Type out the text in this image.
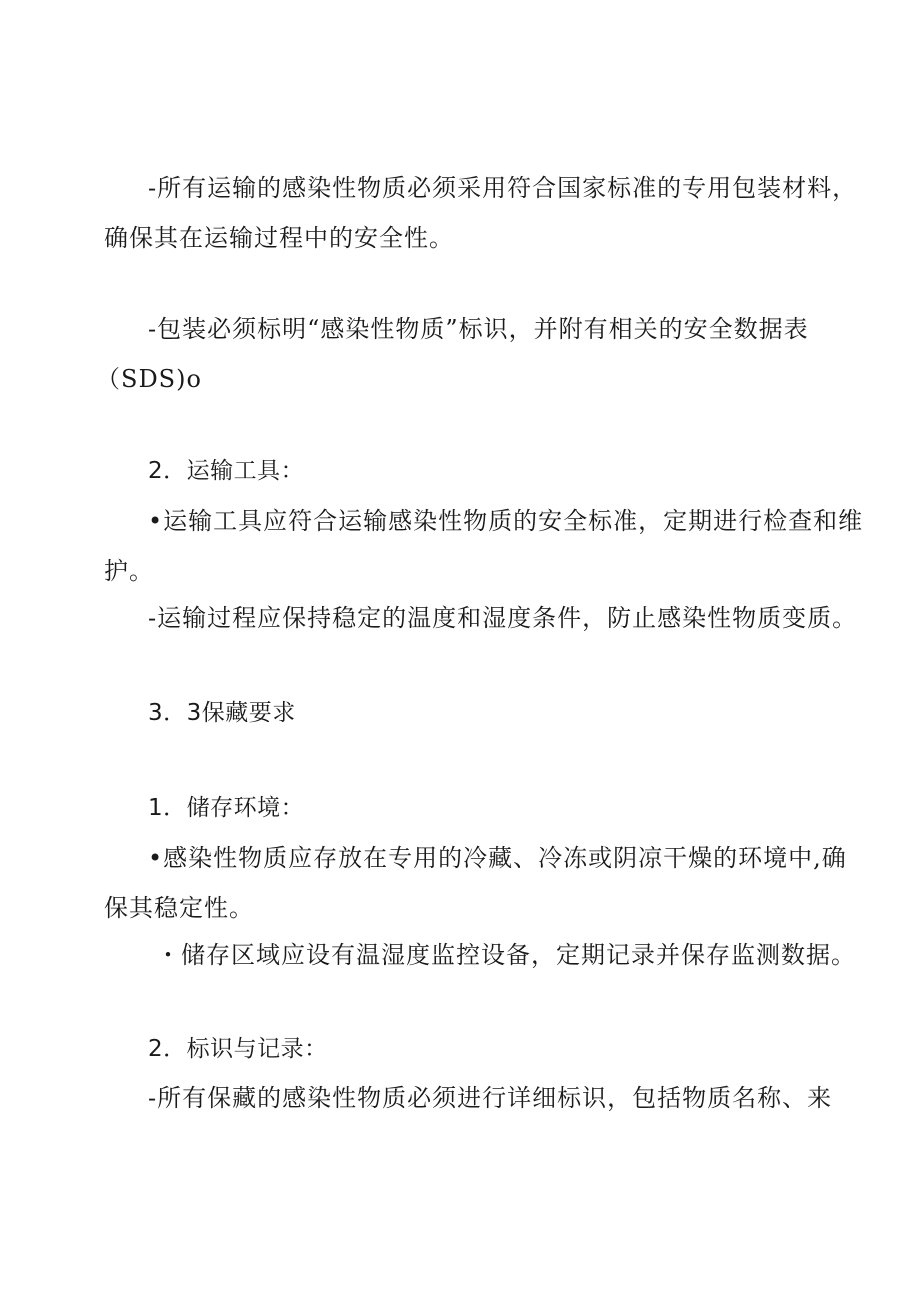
-所有运输的感染性物质必须采用符合国家标准的专用包装材料，
确保其在运输过程中的安全性。
-包装必须标明“感染性物质”标识，并附有相关的安全数据表
（SDS)o
2．运输工具：
•运输工具应符合运输感染性物质的安全标准，定期进行检查和维
护。
-运输过程应保持稳定的温度和湿度条件，防止感染性物质变质。
3．3保藏要求
1．储存环境：
•感染性物质应存放在专用的冷藏、冷冻或阴凉干燥的环境中,确
保其稳定性。
・储存区域应设有温湿度监控设备，定期记录并保存监测数据。
2．标识与记录：
-所有保藏的感染性物质必须进行详细标识，包括物质名称、来
